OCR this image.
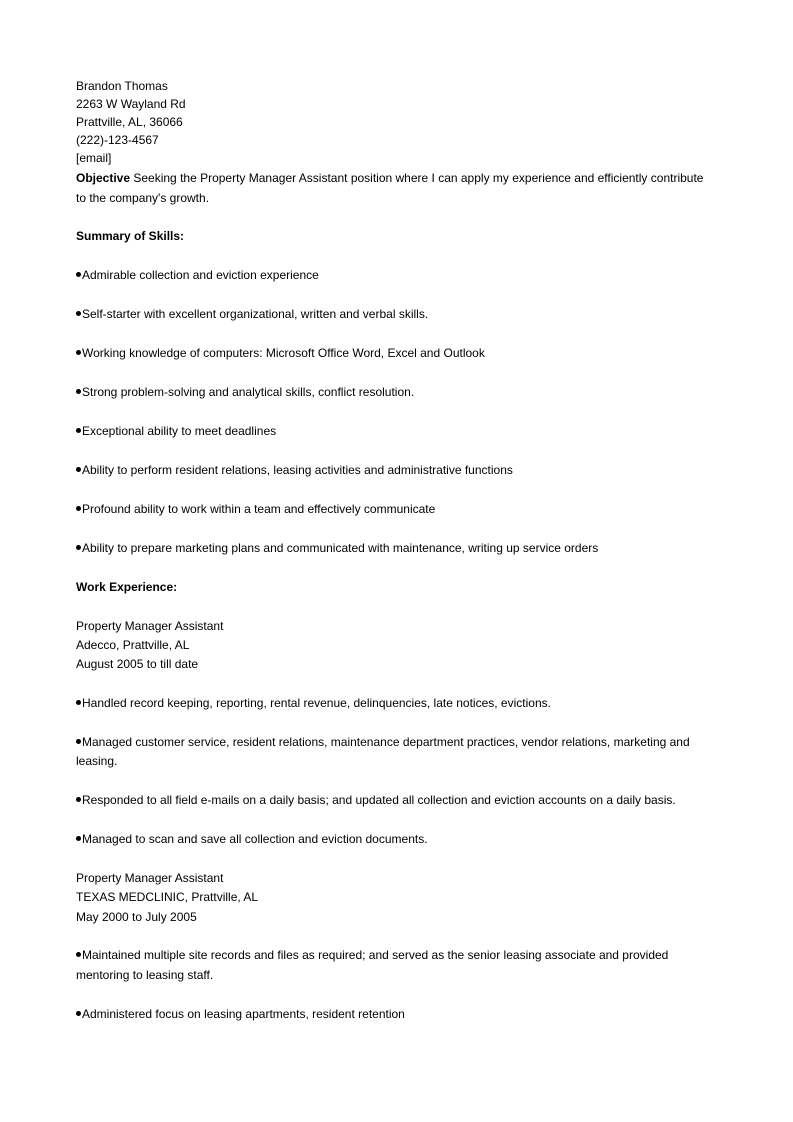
Brandon Thomas
2263 W Wayland Rd
Prattville, AL, 36066
(222)-123-4567
[email]
Objective Seeking the Property Manager Assistant position where I can apply my experience and efficiently contribute to the company's growth.
Summary of Skills:
Admirable collection and eviction experience
Self-starter with excellent organizational, written and verbal skills.
Working knowledge of computers: Microsoft Office Word, Excel and Outlook
Strong problem-solving and analytical skills, conflict resolution.
Exceptional ability to meet deadlines
Ability to perform resident relations, leasing activities and administrative functions
Profound ability to work within a team and effectively communicate
Ability to prepare marketing plans and communicated with maintenance, writing up service orders
Work Experience:
Property Manager Assistant
Adecco, Prattville, AL
August 2005 to till date
Handled record keeping, reporting, rental revenue, delinquencies, late notices, evictions.
Managed customer service, resident relations, maintenance department practices, vendor relations, marketing and leasing.
Responded to all field e-mails on a daily basis; and updated all collection and eviction accounts on a daily basis.
Managed to scan and save all collection and eviction documents.
Property Manager Assistant
TEXAS MEDCLINIC, Prattville, AL
May 2000 to July 2005
Maintained multiple site records and files as required; and served as the senior leasing associate and provided mentoring to leasing staff.
Administered focus on leasing apartments, resident retention
